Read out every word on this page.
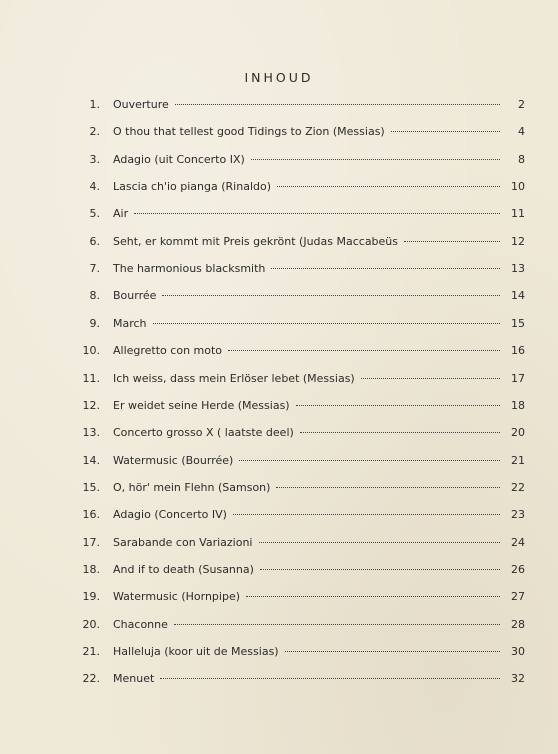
INHOUD
1. Ouverture	2
2. O thou that tellest good Tidings to Zion (Messias)	4
3. Adagio (uit Concerto IX)	8
4. Lascia ch'io pianga (Rinaldo)	10
5. Air	11
6. Seht, er kommt mit Preis gekrönt (Judas Maccabeüs	12
7. The harmonious blacksmith	13
8. Bourrée	14
9. March	15
10. Allegretto con moto	16
11. Ich weiss, dass mein Erlöser lebet (Messias)	17
12. Er weidet seine Herde (Messias)	18
13. Concerto grosso X ( laatste deel)	20
14. Watermusic (Bourrée)	21
15. O, hör' mein Flehn (Samson)	22
16. Adagio (Concerto IV)	23
17. Sarabande con Variazioni	24
18. And if to death (Susanna)	26
19. Watermusic (Hornpipe)	27
20. Chaconne	28
21. Halleluja (koor uit de Messias)	30
22. Menuet	32
